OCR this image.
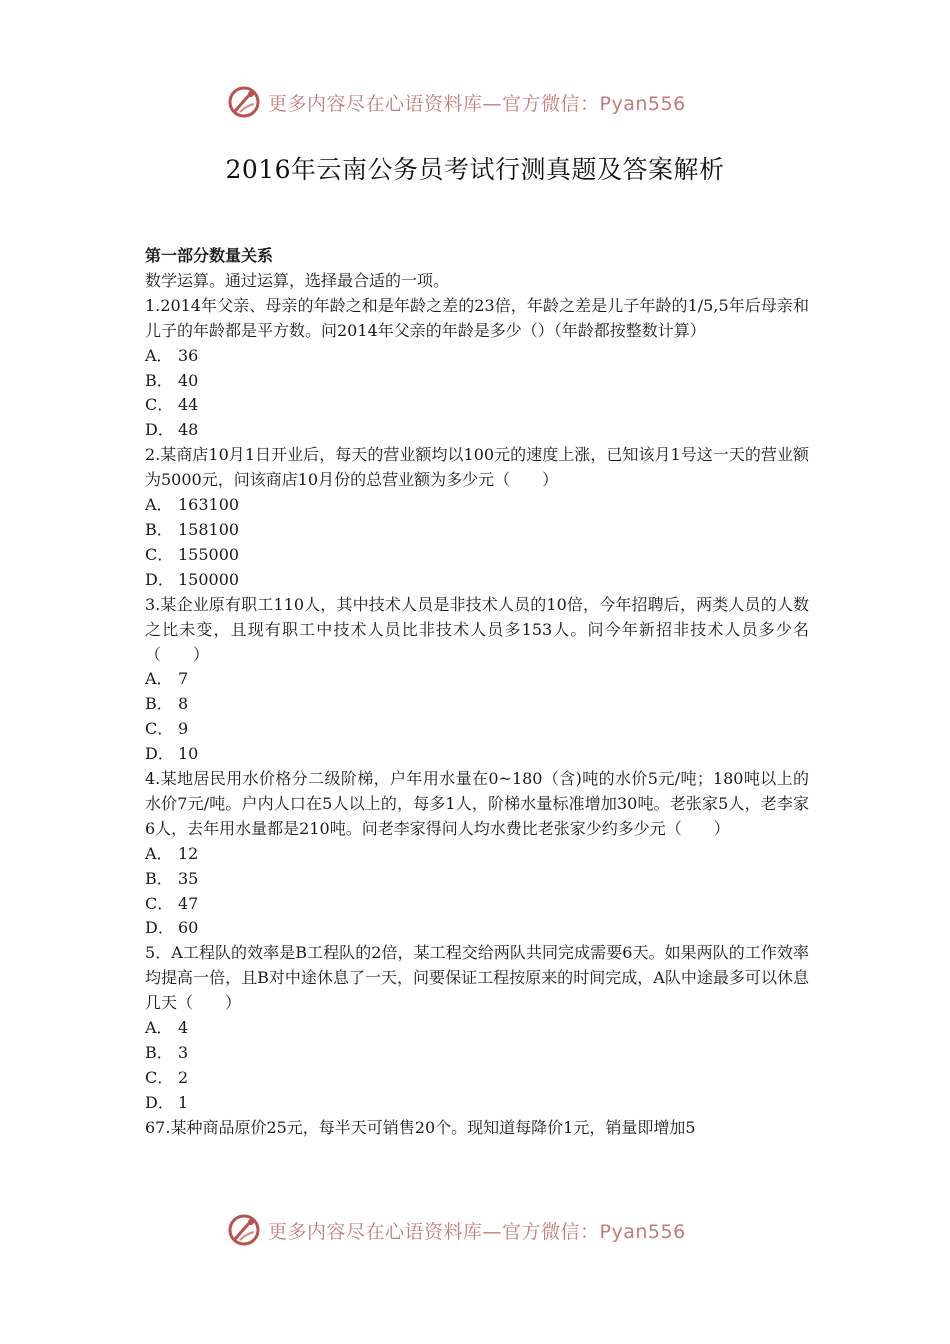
更多内容尽在心语资料库—官方微信：Pyan556
2016年云南公务员考试行测真题及答案解析

第一部分数量关系

数学运算。通过运算，选择最合适的一项。

1.2014年父亲、母亲的年龄之和是年龄之差的23倍，年龄之差是儿子年龄的1/5,5年后母亲和儿子的年龄都是平方数。问2014年父亲的年龄是多少（）（年龄都按整数计算）

A． 36

B． 40

C． 44

D． 48

2.某商店10月1日开业后，每天的营业额均以100元的速度上涨，已知该月1号这一天的营业额为5000元，问该商店10月份的总营业额为多少元（　　）

A． 163100

B． 158100

C． 155000

D． 150000

3.某企业原有职工110人，其中技术人员是非技术人员的10倍，今年招聘后，两类人员的人数之比未变，且现有职工中技术人员比非技术人员多153人。问今年新招非技术人员多少名（　　）

A． 7

B． 8

C． 9

D． 10

4.某地居民用水价格分二级阶梯，户年用水量在0~180（含)吨的水价5元/吨；180吨以上的水价7元/吨。户内人口在5人以上的，每多1人，阶梯水量标准增加30吨。老张家5人，老李家6人，去年用水量都是210吨。问老李家得问人均水费比老张家少约多少元（　　）

A． 12

B． 35

C． 47

D． 60

5．A工程队的效率是B工程队的2倍，某工程交给两队共同完成需要6天。如果两队的工作效率均提高一倍，且B对中途休息了一天，问要保证工程按原来的时间完成，A队中途最多可以休息几天（　　）

A． 4

B． 3

C． 2

D． 1

67.某种商品原价25元，每半天可销售20个。现知道每降价1元，销量即增加5

更多内容尽在心语资料库—官方微信：Pyan556
